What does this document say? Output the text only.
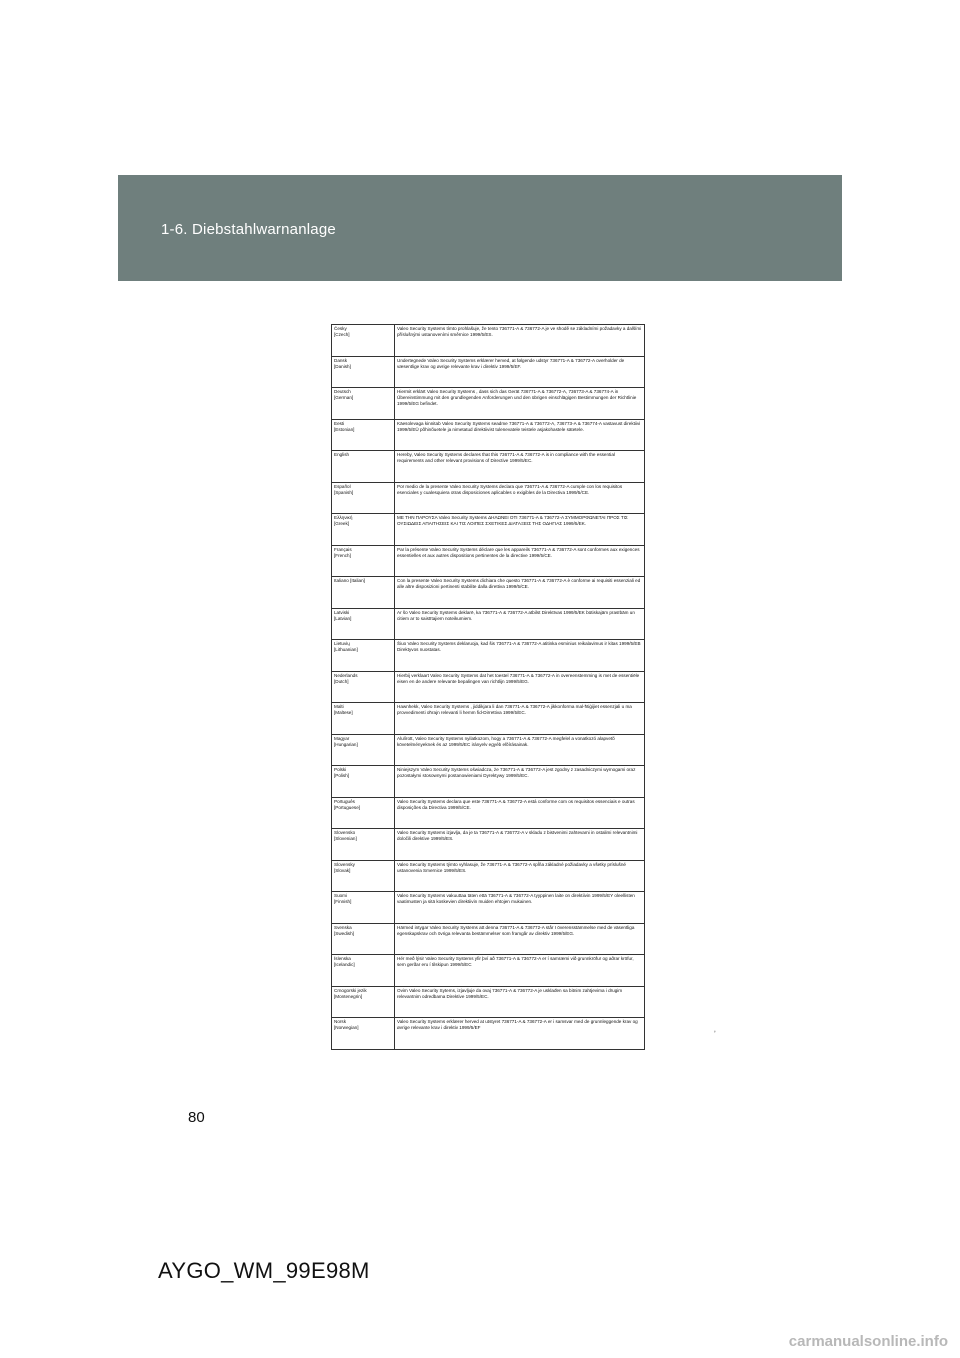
1-6. Diebstahlwarnanlage
Česky
[Czech]	Valeo Security Systems tímto prohlašuje, že tento 736771-A & 736772-A je ve shodě se základními požadavky a dalšími příslušnými ustanoveními směrnice 1999/5/ES.

Dansk
[Danish]	Undertegnede Valeo Security Systems erklærer herved, at følgende udstyr 736771-A & 736772-A overholder de væsentlige krav og øvrige relevante krav i direktiv 1999/5/EF.

Deutsch
[German]	Hiermit erklärt Valeo Security Systems , dass sich das Gerät 736771-A & 736772-A, 736773-A & 736774-A in Übereinstimmung mit den grundlegenden Anforderungen und den übrigen einschlägigen Bestimmungen der Richtlinie 1999/5/EG befindet.

Eesti
[Estonian]	Käesolevaga kinnitab Valeo Security Systems seadme 736771-A & 736772-A, 736773-A & 736774-A vastavust direktiivi 1999/5/EÜ põhinõuetele ja nimetatud direktiivist tulenevatele teistele asjakohastele sätetele.

English	Hereby, Valeo Security Systems declares that this 736771-A & 736772-A is in compliance with the essential requirements and other relevant provisions of Directive 1999/5/EC.

Español
[Spanish]	Por medio de la presente Valeo Security Systems declara que 736771-A & 736772-A cumple con los requisitos esenciales y cualesquiera otras disposiciones aplicables o exigibles de la Directiva 1999/5/CE.

Ελληνική
[Greek]	ΜΕ ΤΗΝ ΠΑΡΟΥΣΑ Valeo Security Systems ΔΗΛΩΝΕΙ ΟΤΙ 736771-A & 736772-A ΣΥΜΜΟΡΦΩΝΕΤΑΙ ΠΡΟΣ ΤΙΣ ΟΥΣΙΩΔΕΙΣ ΑΠΑΙΤΗΣΕΙΣ ΚΑΙ ΤΙΣ ΛΟΙΠΕΣ ΣΧΕΤΙΚΕΣ ΔΙΑΤΑΞΕΙΣ ΤΗΣ ΟΔΗΓΙΑΣ 1999/5/ΕΚ.

Français
[French]	Par la présente Valeo Security Systems déclare que les appareils 736771-A & 736772-A sont conformes aux exigences essentielles et aux autres dispositions pertinentes de la directive 1999/5/CE.

Italiano [Italian]	Con la presente Valeo Security Systems dichiara che questo 736771-A & 736772-A è conforme ai requisiti essenziali ed alle altre disposizioni pertinenti stabilite dalla direttiva 1999/5/CE.

Latviski
[Latvian]	Ar šo Valeo Security Systems deklarē, ka 736771-A & 736772-A atbilst Direktīvas 1999/5/EK būtiskajām prasībām un citiem ar to saistītajiem noteikumiem.

Lietuvių
[Lithuanian]	Šiuo Valeo Security Systems deklaruoja, kad šis 736771-A & 736772-A atitinka esminius reikalavimus ir kitas 1999/5/EB Direktyvos nuostatas.

Nederlands
[Dutch]	Hierbij verklaart Valeo Security Systems dat het toestel 736771-A & 736772-A in overeenstemming is met de essentiële eisen en de andere relevante bepalingen van richtlijn 1999/5/EG.

Malti
[Maltese]	Hawnhekk, Valeo Security Systems , jiddikjara li dan 736771-A & 736772-A jikkonforma mal-ħtiġijiet essenzjali u ma provvedimenti oħrajn relevanti li hemm fid-Dirrettiva 1999/5/EC.

Magyar
[Hungarian]	Alulírott, Valeo Security Systems nyilatkozom, hogy a 736771-A & 736772-A megfelel a vonatkozó alapvetõ követelményeknek és az 1999/5/EC irányelv egyéb elõírásainak.

Polski
[Polish]	Niniejszym Valeo Security Systems oświadcza, że 736771-A & 736772-A jest zgodny z zasadniczymi wymogami oraz pozostałymi stosownymi postanowieniami Dyrektywy 1999/5/EC.

Português
[Portuguese]	Valeo Security Systems declara que este 736771-A & 736772-A está conforme com os requisitos essenciais e outras disposições da Directiva 1999/5/CE.

Slovensko
[Slovenian]	Valeo Security Systems izjavlja, da je ta 736771-A & 736772-A v skladu z bistvenimi zahtevami in ostalimi relevantnimi določili direktive 1999/5/ES.

Slovensky
[Slovak]	Valeo Security Systems týmto vyhlasuje, že 736771-A & 736772-A spĺňa základné požiadavky a všetky príslušné ustanovenia Smernice 1999/5/ES.

Suomi
[Finnish]	Valeo Security Systems vakuuttaa täten että 736771-A & 736772-A tyyppinen laite on direktiivin 1999/5/EY oleellisten vaatimusten ja sitä koskevien direktiivin muiden ehtojen mukainen.

Svenska
[Swedish]	Härmed intygar Valeo Security Systems att denna 736771-A & 736772-A står I överensstämmelse med de väsentliga egenskapskrav och övriga relevanta bestämmelser som framgår av direktiv 1999/5/EG.

Íslenska
[Icelandic]	Hér með lýsir Valeo Security Systems yfir því að 736771-A & 736772-A er í samræmi við grunnkröfur og aðrar kröfur, sem gerðar eru í tilskipun 1999/5/EC

Crnogorski jezik
[Montenegrin]	Ovim Valeo Security Sytems, izjavljuje da ovaj 736771-A & 736772-A je usklađen sa bitnim zahtjevima i drugim relevantnim odredbama Direktive 1999/5/EC.

Norsk
[Norwegian]	Valeo Security Systems erklærer herved at utstyret 736771-A & 736772-A er i samsvar med de grunnleggende krav og øvrige relevante krav i direktiv 1999/5/EF
ʼ
80
AYGO_WM_99E98M
carmanualsonline.info
